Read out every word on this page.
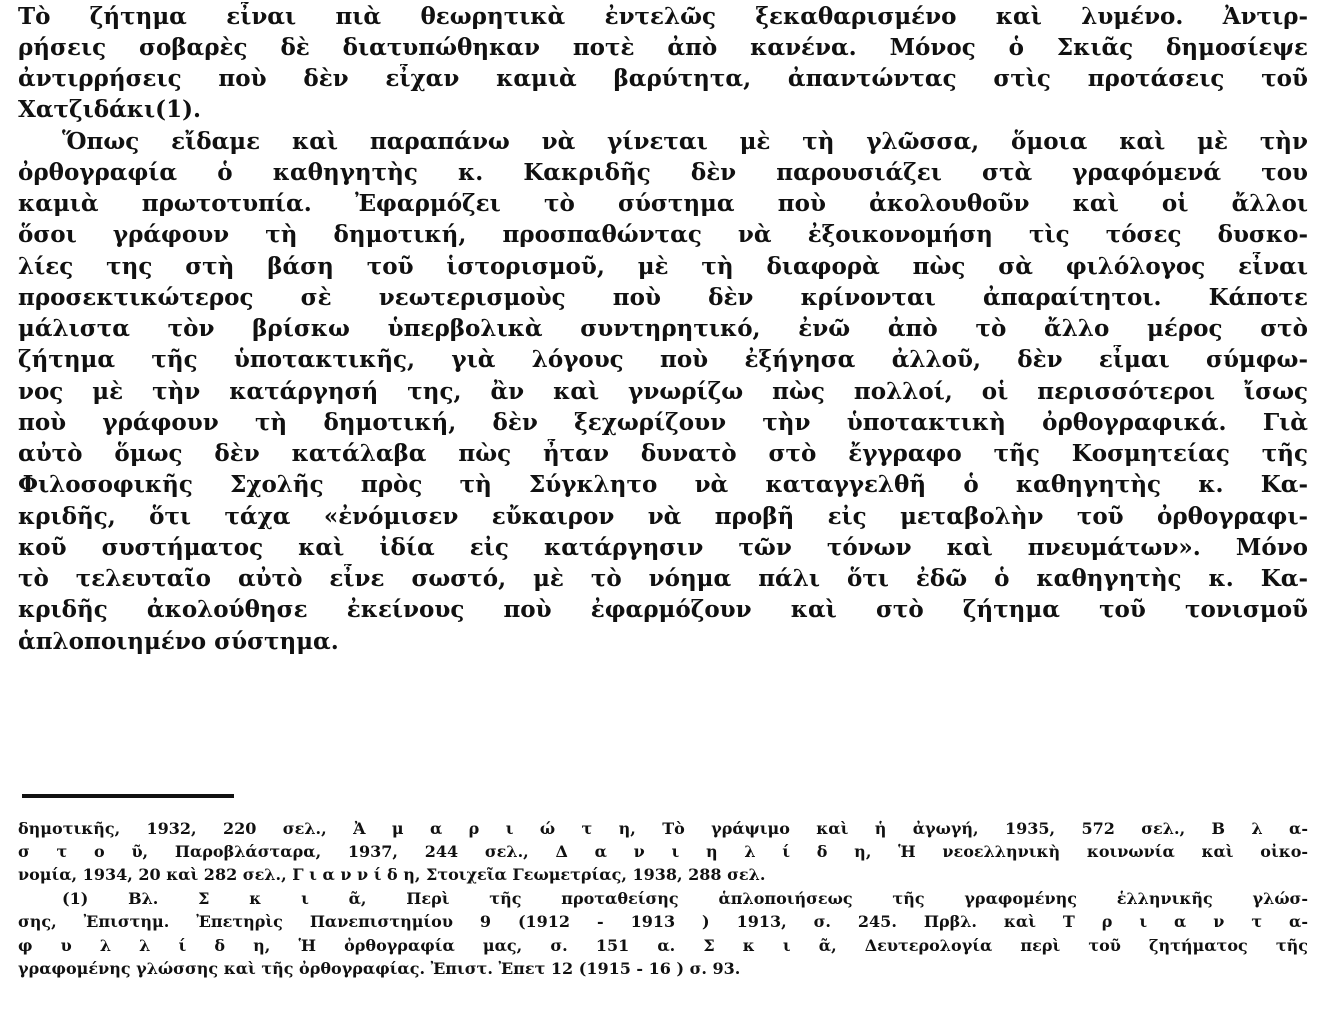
Τὸ ζήτημα εἶναι πιὰ θεωρητικὰ ἐντελῶς ξεκαθαρισμένο καὶ λυμένο. Ἀντιρ-
ρήσεις σοβαρὲς δὲ διατυπώθηκαν ποτὲ ἀπὸ κανένα. Μόνος ὁ Σκιᾶς δημοσίεψε
ἀντιρρήσεις ποὺ δὲν εἶχαν καμιὰ βαρύτητα, ἀπαντώντας στὶς προτάσεις τοῦ
Χατζιδάκι(1).
Ὅπως εἴδαμε καὶ παραπάνω νὰ γίνεται μὲ τὴ γλῶσσα, ὅμοια καὶ μὲ τὴν
ὀρθογραφία ὁ καθηγητὴς κ. Κακριδῆς δὲν παρουσιάζει στὰ γραφόμενά του
καμιὰ πρωτοτυπία. Ἐφαρμόζει τὸ σύστημα ποὺ ἀκολουθοῦν καὶ οἱ ἄλλοι
ὅσοι γράφουν τὴ δημοτική, προσπαθώντας νὰ ἐξοικονομήση τὶς τόσες δυσκο-
λίες της στὴ βάση τοῦ ἱστορισμοῦ, μὲ τὴ διαφορὰ πὼς σὰ φιλόλογος εἶναι
προσεκτικώτερος σὲ νεωτερισμοὺς ποὺ δὲν κρίνονται ἀπαραίτητοι. Κάποτε
μάλιστα τὸν βρίσκω ὑπερβολικὰ συντηρητικό, ἐνῶ ἀπὸ τὸ ἄλλο μέρος στὸ
ζήτημα τῆς ὑποτακτικῆς, γιὰ λόγους ποὺ ἐξήγησα ἀλλοῦ, δὲν εἶμαι σύμφω-
νος μὲ τὴν κατάργησή της, ἂν καὶ γνωρίζω πὼς πολλοί, οἱ περισσότεροι ἴσως
ποὺ γράφουν τὴ δημοτική, δὲν ξεχωρίζουν τὴν ὑποτακτικὴ ὀρθογραφικά. Γιὰ
αὐτὸ ὅμως δὲν κατάλαβα πὼς ἦταν δυνατὸ στὸ ἔγγραφο τῆς Κοσμητείας τῆς
Φιλοσοφικῆς Σχολῆς πρὸς τὴ Σύγκλητο νὰ καταγγελθῆ ὁ καθηγητὴς κ. Κα-
κριδῆς, ὅτι τάχα «ἐνόμισεν εὔκαιρον νὰ προβῆ εἰς μεταβολὴν τοῦ ὀρθογραφι-
κοῦ συστήματος καὶ ἰδία εἰς κατάργησιν τῶν τόνων καὶ πνευμάτων». Μόνο
τὸ τελευταῖο αὐτὸ εἶνε σωστό, μὲ τὸ νόημα πάλι ὅτι ἐδῶ ὁ καθηγητὴς κ. Κα-
κριδῆς ἀκολούθησε ἐκείνους ποὺ ἐφαρμόζουν καὶ στὸ ζήτημα τοῦ τονισμοῦ
ἁπλοποιημένο σύστημα.
δημοτικῆς, 1932, 220 σελ., Ἀ μ α ρ ι ώ τ η, Τὸ γράψιμο καὶ ἡ ἀγωγή, 1935, 572 σελ., Β λ α-
σ τ ο ῦ, Παροβλάσταρα, 1937, 244 σελ., Δ α ν ι η λ ί δ η, Ἡ νεοελληνικὴ κοινωνία καὶ οἰκο-
νομία, 1934, 20 καὶ 282 σελ., Γ ι α ν ν ί δ η, Στοιχεῖα Γεωμετρίας, 1938, 288 σελ.
(1) Βλ. Σ κ ι ᾶ, Περὶ τῆς προταθείσης ἁπλοποιήσεως τῆς γραφομένης ἑλληνικῆς γλώσ-
σης, Ἐπιστημ. Ἐπετηρὶς Πανεπιστημίου 9 (1912 - 1913 ) 1913, σ. 245. Πρβλ. καὶ Τ ρ ι α ν τ α-
φ υ λ λ ί δ η, Ἡ ὀρθογραφία μας, σ. 151 α. Σ κ ι ᾶ, Δευτερολογία περὶ τοῦ ζητήματος τῆς
γραφομένης γλώσσης καὶ τῆς ὀρθογραφίας. Ἐπιστ. Ἐπετ 12 (1915 - 16 ) σ. 93.
